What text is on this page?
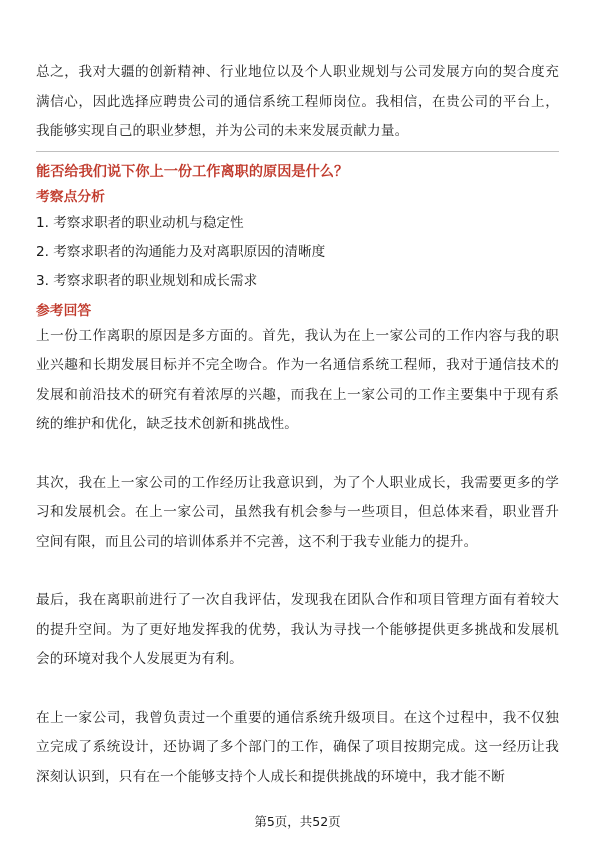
总之，我对大疆的创新精神、行业地位以及个人职业规划与公司发展方向的契合度充满信心，因此选择应聘贵公司的通信系统工程师岗位。我相信，在贵公司的平台上，我能够实现自己的职业梦想，并为公司的未来发展贡献力量。

能否给我们说下你上一份工作离职的原因是什么？
考察点分析
1. 考察求职者的职业动机与稳定性
2. 考察求职者的沟通能力及对离职原因的清晰度
3. 考察求职者的职业规划和成长需求
参考回答

上一份工作离职的原因是多方面的。首先，我认为在上一家公司的工作内容与我的职业兴趣和长期发展目标并不完全吻合。作为一名通信系统工程师，我对于通信技术的发展和前沿技术的研究有着浓厚的兴趣，而我在上一家公司的工作主要集中于现有系统的维护和优化，缺乏技术创新和挑战性。

其次，我在上一家公司的工作经历让我意识到，为了个人职业成长，我需要更多的学习和发展机会。在上一家公司，虽然我有机会参与一些项目，但总体来看，职业晋升空间有限，而且公司的培训体系并不完善，这不利于我专业能力的提升。

最后，我在离职前进行了一次自我评估，发现我在团队合作和项目管理方面有着较大的提升空间。为了更好地发挥我的优势，我认为寻找一个能够提供更多挑战和发展机会的环境对我个人发展更为有利。

在上一家公司，我曾负责过一个重要的通信系统升级项目。在这个过程中，我不仅独立完成了系统设计，还协调了多个部门的工作，确保了项目按期完成。这一经历让我深刻认识到，只有在一个能够支持个人成长和提供挑战的环境中，我才能不断

第5页，共52页
